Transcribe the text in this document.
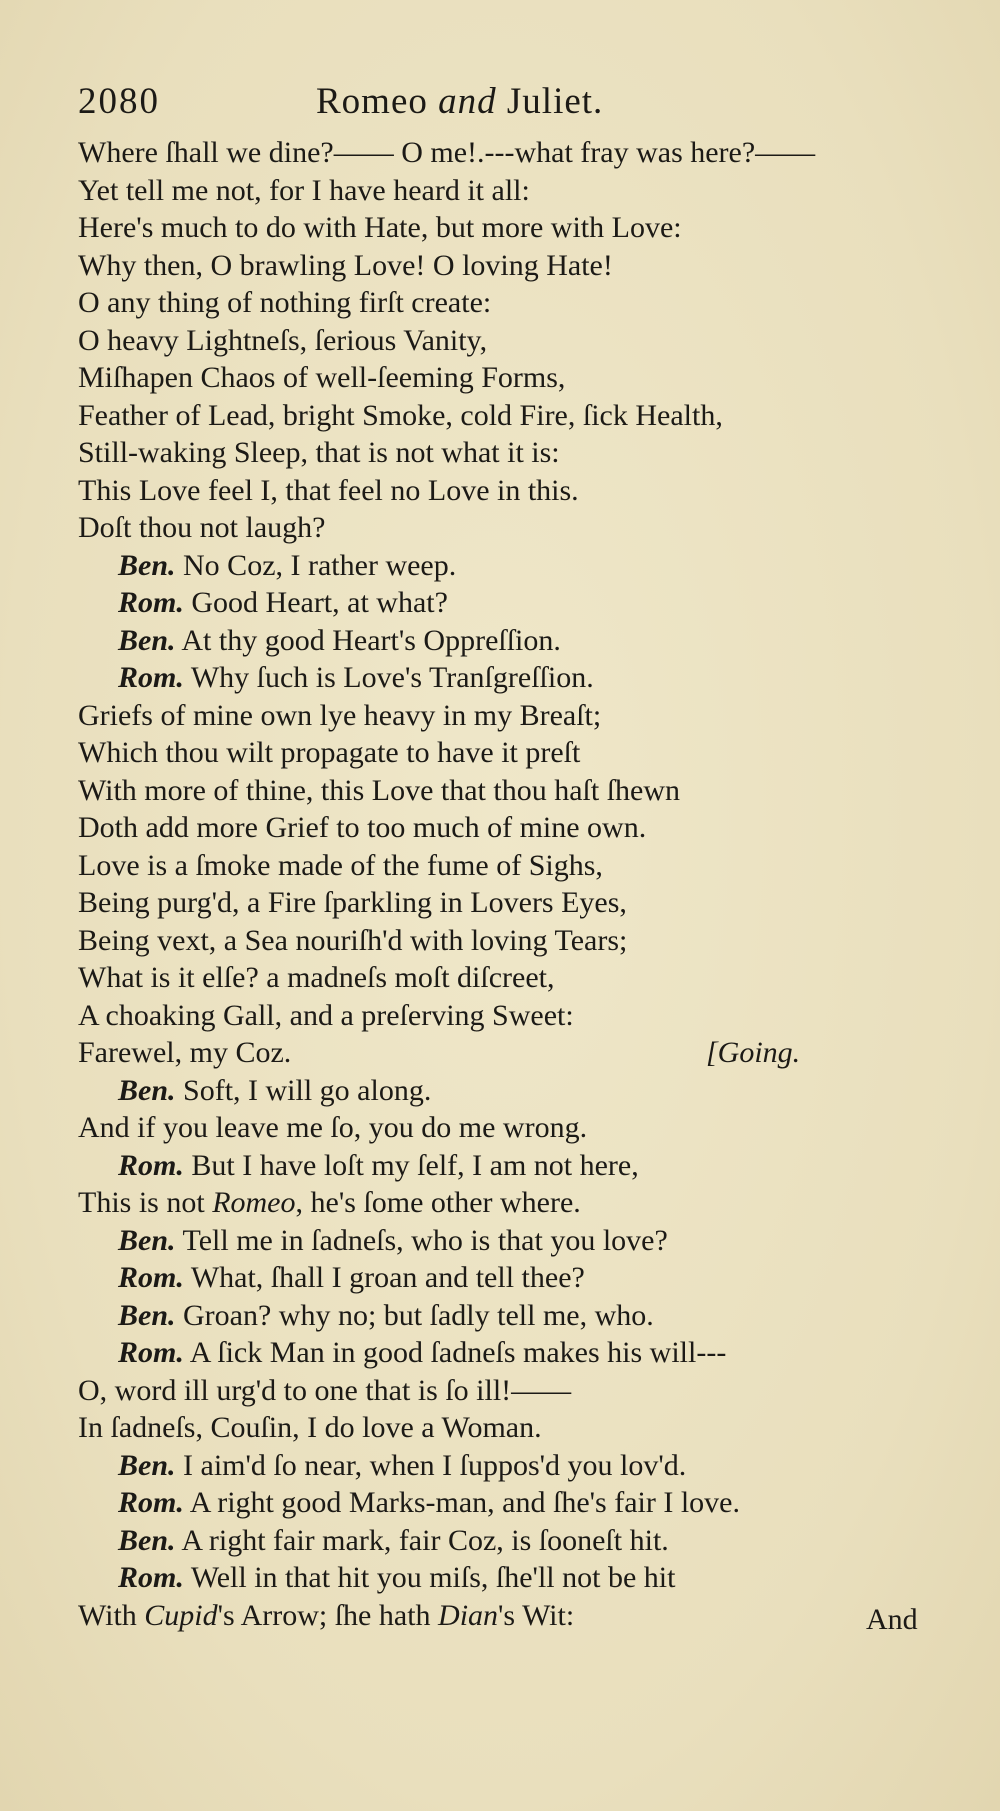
2080	Romeo and Juliet.
Where ſhall we dine?—— O me!.---what fray was here?——
Yet tell me not, for I have heard it all:
Here's much to do with Hate, but more with Love:
Why then, O brawling Love! O loving Hate!
O any thing of nothing firſt create:
O heavy Lightneſs, ſerious Vanity,
Miſhapen Chaos of well-ſeeming Forms,
Feather of Lead, bright Smoke, cold Fire, ſick Health,
Still-waking Sleep, that is not what it is:
This Love feel I, that feel no Love in this.
Doſt thou not laugh?
Ben. No Coz, I rather weep.
Rom. Good Heart, at what?
Ben. At thy good Heart's Oppreſſion.
Rom. Why ſuch is Love's Tranſgreſſion.
Griefs of mine own lye heavy in my Breaſt;
Which thou wilt propagate to have it preſt
With more of thine, this Love that thou haſt ſhewn
Doth add more Grief to too much of mine own.
Love is a ſmoke made of the fume of Sighs,
Being purg'd, a Fire ſparkling in Lovers Eyes,
Being vext, a Sea nouriſh'd with loving Tears;
What is it elſe? a madneſs moſt diſcreet,
A choaking Gall, and a preſerving Sweet:
Farewel, my Coz.	[Going.
Ben. Soft, I will go along.
And if you leave me ſo, you do me wrong.
Rom. But I have loſt my ſelf, I am not here,
This is not Romeo, he's ſome other where.
Ben. Tell me in ſadneſs, who is that you love?
Rom. What, ſhall I groan and tell thee?
Ben. Groan? why no; but ſadly tell me, who.
Rom. A ſick Man in good ſadneſs makes his will---
O, word ill urg'd to one that is ſo ill!——
In ſadneſs, Couſin, I do love a Woman.
Ben. I aim'd ſo near, when I ſuppos'd you lov'd.
Rom. A right good Marks-man, and ſhe's fair I love.
Ben. A right fair mark, fair Coz, is ſooneſt hit.
Rom. Well in that hit you miſs, ſhe'll not be hit
With Cupid's Arrow; ſhe hath Dian's Wit:	And
